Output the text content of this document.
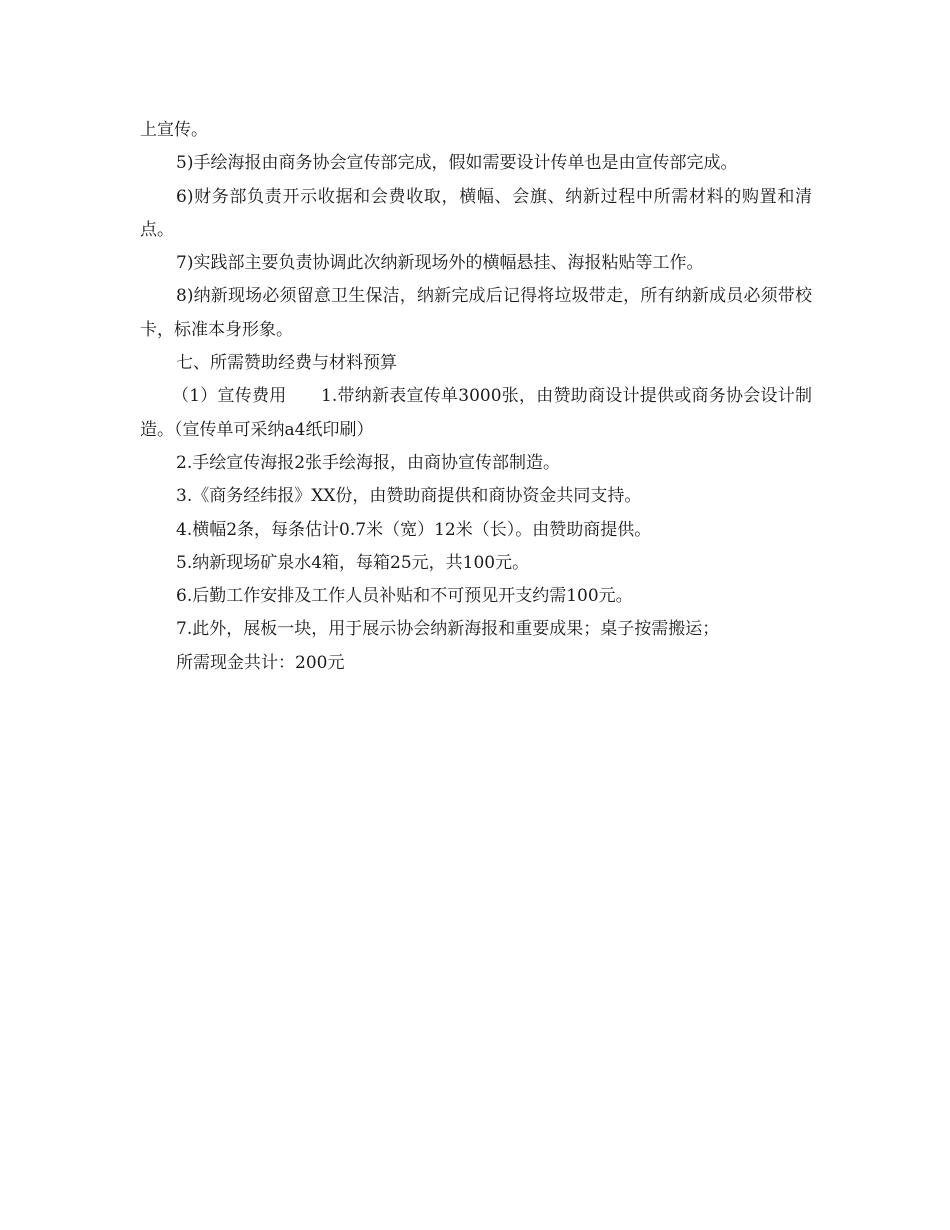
上宣传。

5)手绘海报由商务协会宣传部完成，假如需要设计传单也是由宣传部完成。

6)财务部负责开示收据和会费收取，横幅、会旗、纳新过程中所需材料的购置和清点。

7)实践部主要负责协调此次纳新现场外的横幅悬挂、海报粘贴等工作。

8)纳新现场必须留意卫生保洁，纳新完成后记得将垃圾带走，所有纳新成员必须带校卡，标准本身形象。

七、所需赞助经费与材料预算

（1）宣传费用　　1.带纳新表宣传单3000张，由赞助商设计提供或商务协会设计制造。（宣传单可采纳a4纸印刷）

2.手绘宣传海报2张手绘海报，由商协宣传部制造。

3.《商务经纬报》XX份，由赞助商提供和商协资金共同支持。

4.横幅2条，每条估计0.7米（宽）12米（长）。由赞助商提供。

5.纳新现场矿泉水4箱，每箱25元，共100元。

6.后勤工作安排及工作人员补贴和不可预见开支约需100元。

7.此外，展板一块，用于展示协会纳新海报和重要成果；桌子按需搬运；

所需现金共计：200元
